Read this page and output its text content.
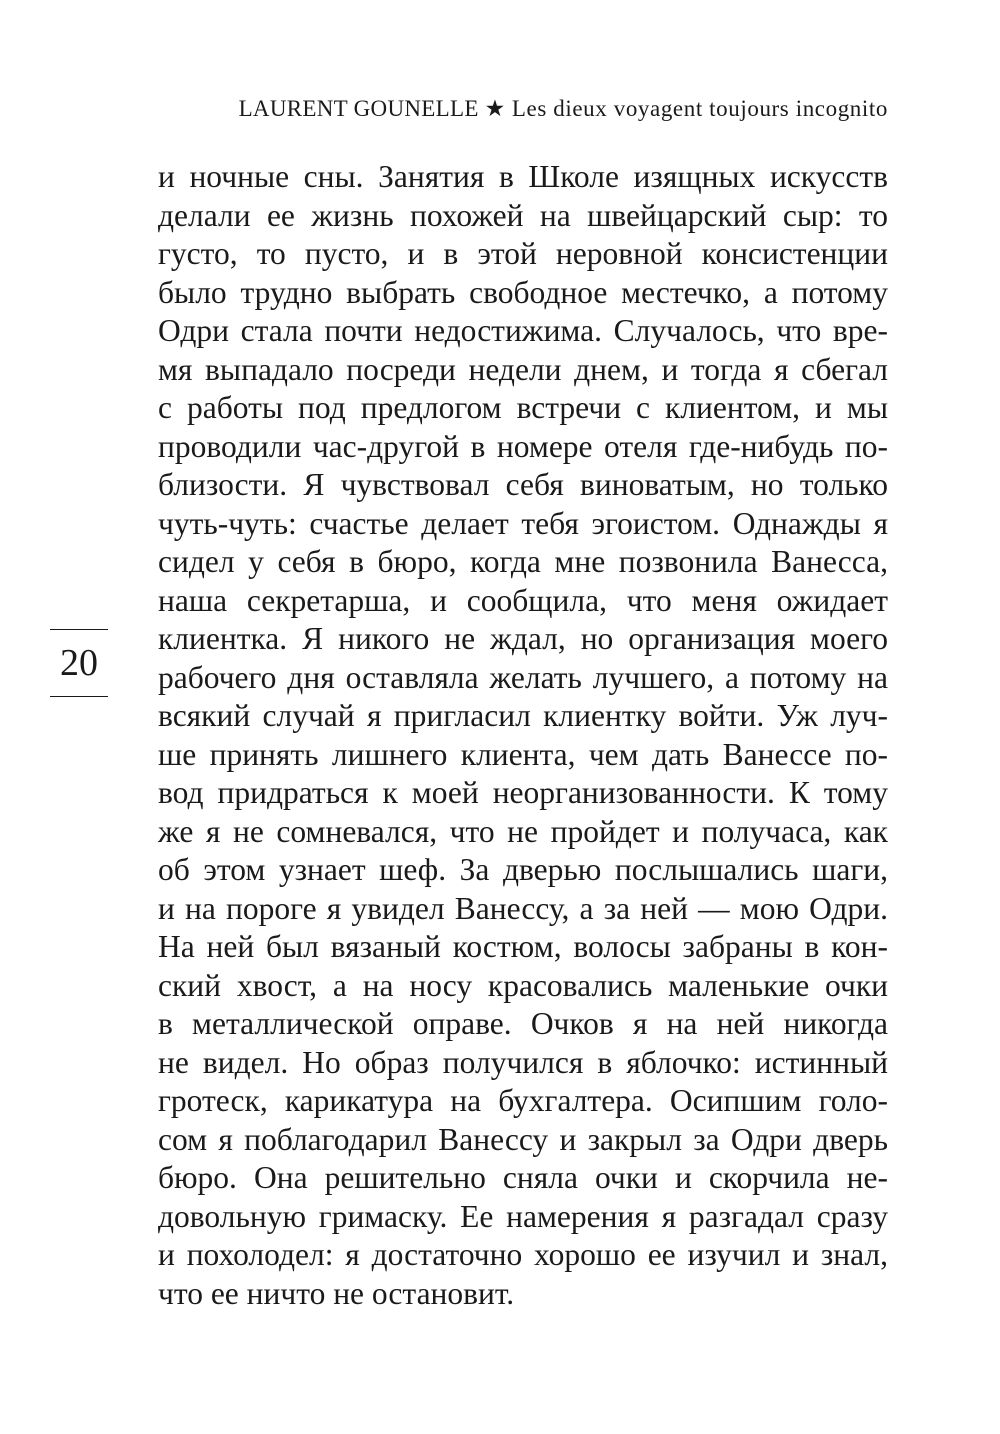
LAURENT GOUNELLE ★ Les dieux voyagent toujours incognito
20
и ночные сны. Занятия в Школе изящных искусств
делали ее жизнь похожей на швейцарский сыр: то
густо, то пусто, и в этой неровной консистенции
было трудно выбрать свободное местечко, а потому
Одри стала почти недостижима. Случалось, что вре-
мя выпадало посреди недели днем, и тогда я сбегал
с работы под предлогом встречи с клиентом, и мы
проводили час-другой в номере отеля где-нибудь по-
близости. Я чувствовал себя виноватым, но только
чуть-чуть: счастье делает тебя эгоистом. Однажды я
сидел у себя в бюро, когда мне позвонила Ванесса,
наша секретарша, и сообщила, что меня ожидает
клиентка. Я никого не ждал, но организация моего
рабочего дня оставляла желать лучшего, а потому на
всякий случай я пригласил клиентку войти. Уж луч-
ше принять лишнего клиента, чем дать Ванессе по-
вод придраться к моей неорганизованности. К тому
же я не сомневался, что не пройдет и получаса, как
об этом узнает шеф. За дверью послышались шаги,
и на пороге я увидел Ванессу, а за ней — мою Одри.
На ней был вязаный костюм, волосы забраны в кон-
ский хвост, а на носу красовались маленькие очки
в металлической оправе. Очков я на ней никогда
не видел. Но образ получился в яблочко: истинный
гротеск, карикатура на бухгалтера. Осипшим голо-
сом я поблагодарил Ванессу и закрыл за Одри дверь
бюро. Она решительно сняла очки и скорчила не-
довольную гримаску. Ее намерения я разгадал сразу
и похолодел: я достаточно хорошо ее изучил и знал,
что ее ничто не остановит.
